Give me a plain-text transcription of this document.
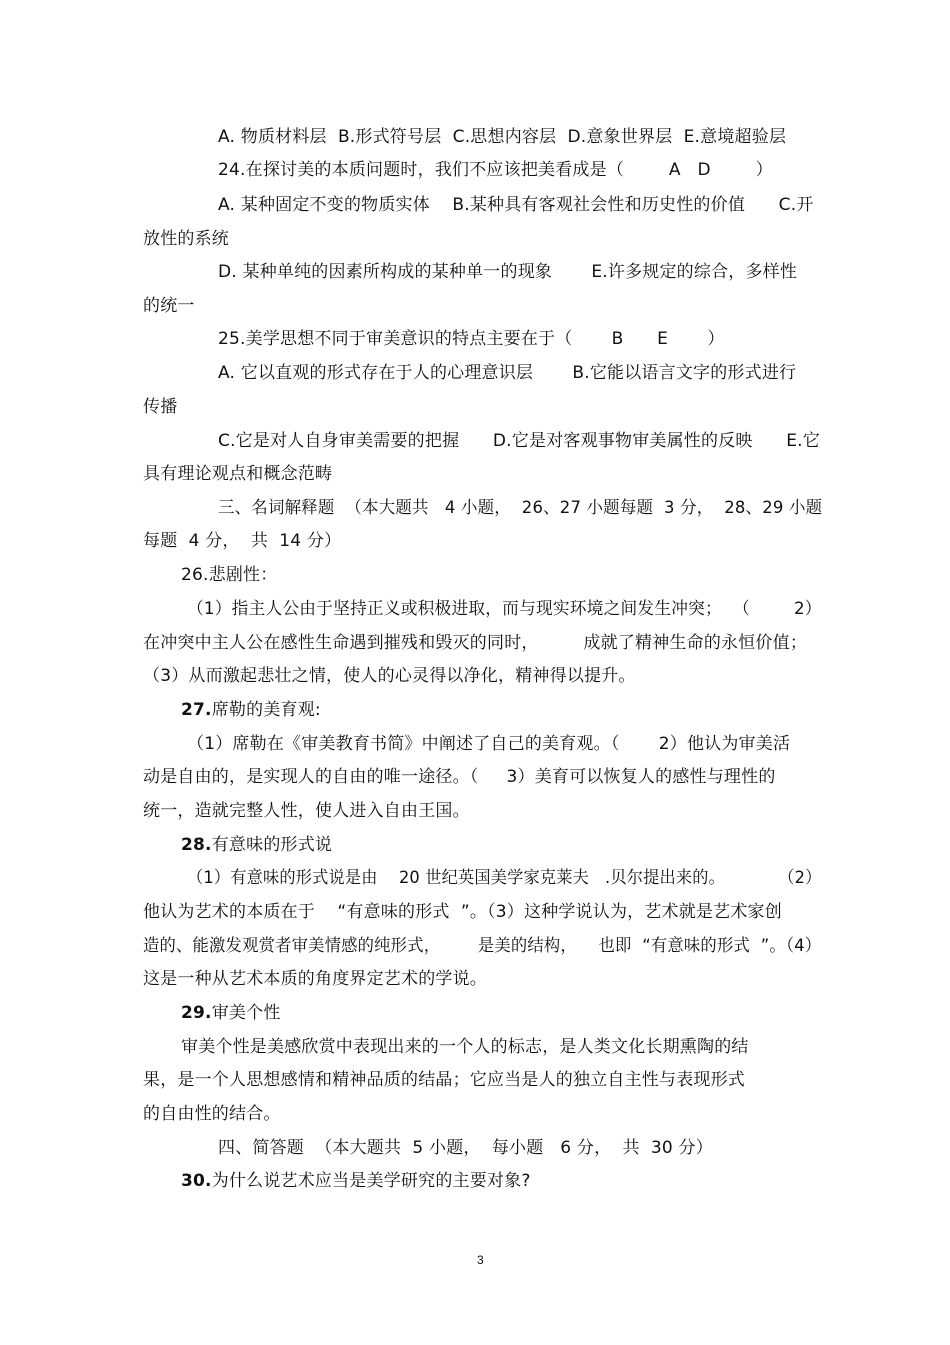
A. 物质材料层  B.形式符号层  C.思想内容层  D.意象世界层  E.意境超验层
24.在探讨美的本质问题时，我们不应该把美看成是（        A   D        ）
A. 某种固定不变的物质实体    B.某种具有客观社会性和历史性的价值      C.开
放性的系统
D. 某种单纯的因素所构成的某种单一的现象       E.许多规定的综合，多样性
的统一
25.美学思想不同于审美意识的特点主要在于（       B      E       ）
A. 它以直观的形式存在于人的心理意识层       B.它能以语言文字的形式进行
传播
C.它是对人自身审美需要的把握      D.它是对客观事物审美属性的反映      E.它
具有理论观点和概念范畴
三、名词解释题  （本大题共   4 小题，  26、27 小题每题  3 分，  28、29 小题
每题  4 分，  共  14 分）
26.悲剧性：
（1）指主人公由于坚持正义或积极进取，而与现实环境之间发生冲突；  （        2）
在冲突中主人公在感性生命遇到摧残和毁灭的同时，        成就了精神生命的永恒价值；
（3）从而激起悲壮之情，使人的心灵得以净化，精神得以提升。
27.席勒的美育观:
（1）席勒在《审美教育书简》中阐述了自己的美育观。（       2）他认为审美活
动是自由的，是实现人的自由的唯一途径。（     3）美育可以恢复人的感性与理性的
统一，造就完整人性，使人进入自由王国。
28.有意味的形式说
（1）有意味的形式说是由    20 世纪英国美学家克莱夫   .贝尔提出来的。          （2）
他认为艺术的本质在于    “有意味的形式  ”。（3）这种学说认为，艺术就是艺术家创
造的、能激发观赏者审美情感的纯形式，       是美的结构，    也即  “有意味的形式  ”。（4）
这是一种从艺术本质的角度界定艺术的学说。
29.审美个性
审美个性是美感欣赏中表现出来的一个人的标志，是人类文化长期熏陶的结
果，是一个人思想感情和精神品质的结晶；它应当是人的独立自主性与表现形式
的自由性的结合。
四、简答题  （本大题共  5 小题，  每小题   6 分，  共  30 分）
30.为什么说艺术应当是美学研究的主要对象?
3
